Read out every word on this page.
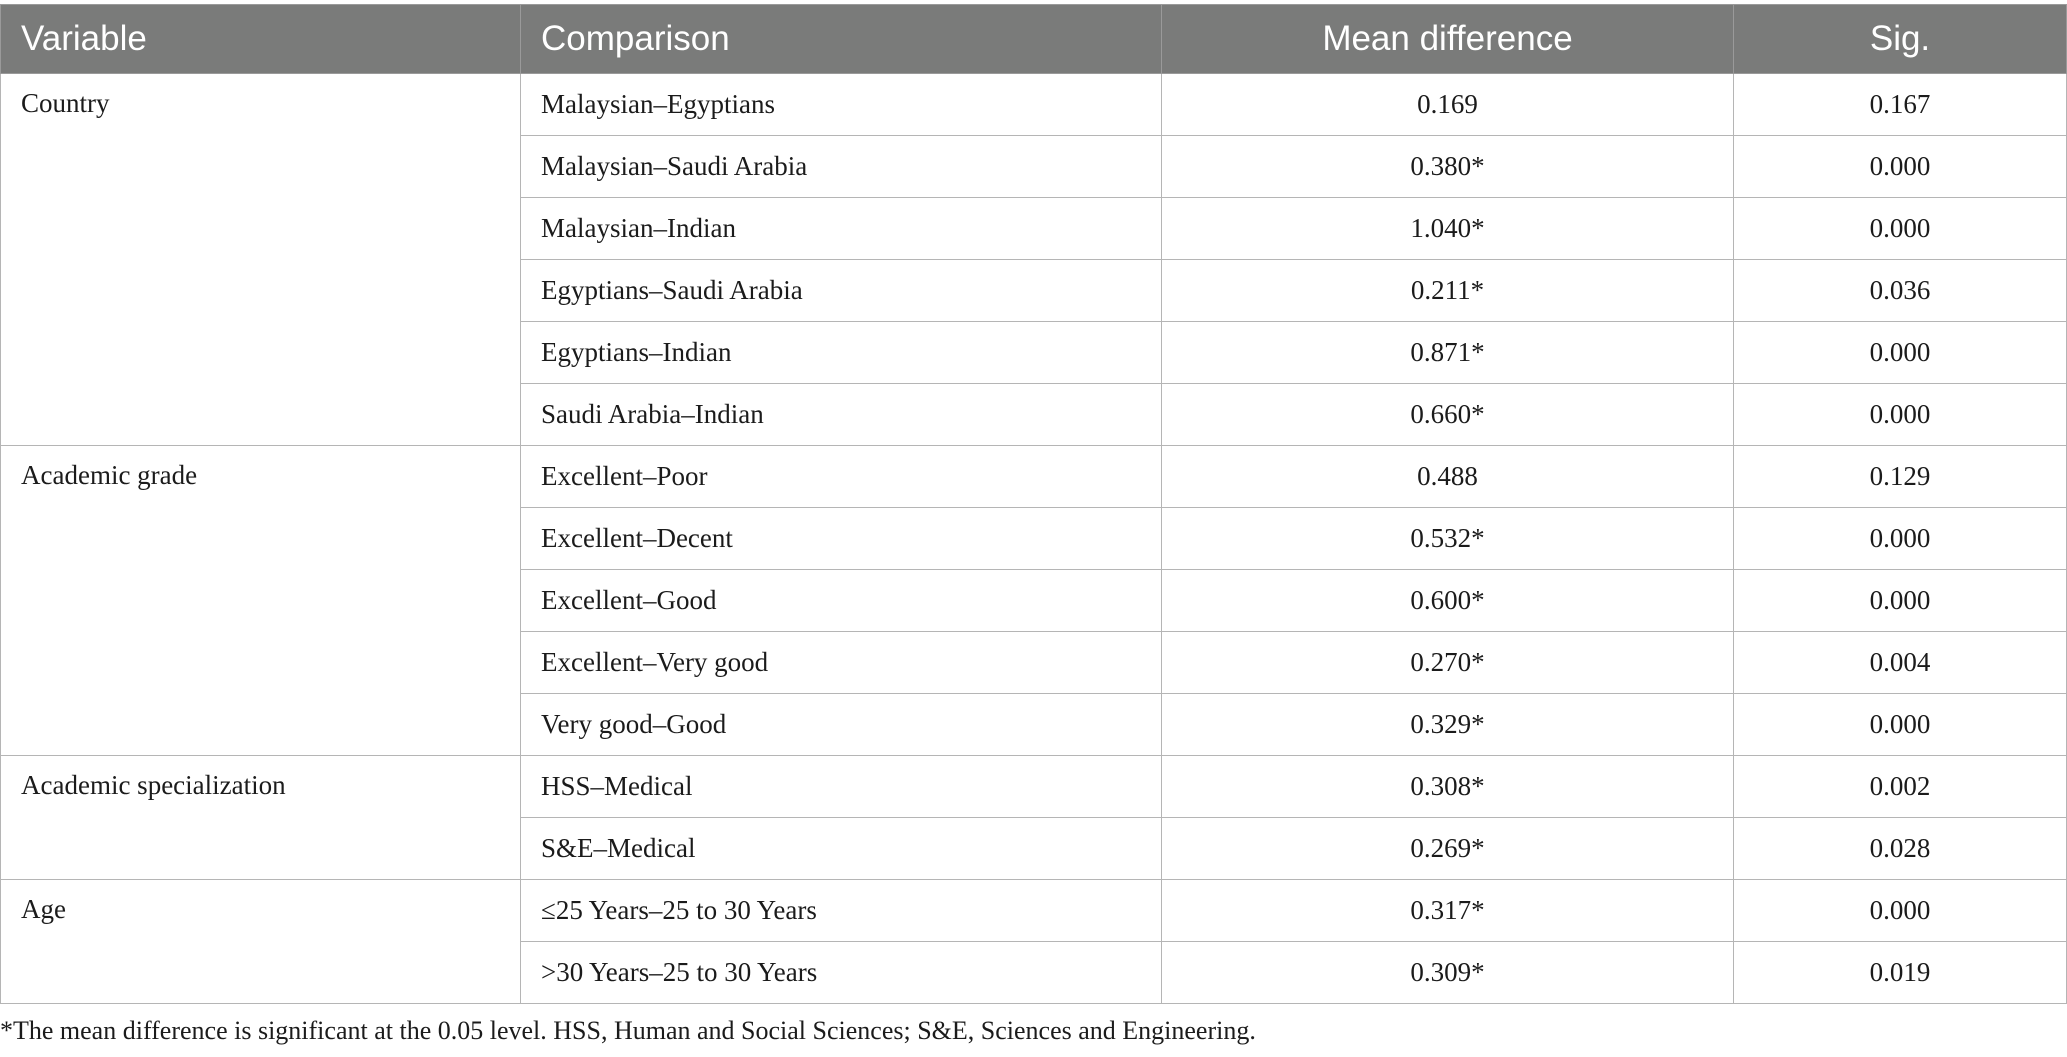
Variable	Comparison	Mean difference	Sig.
Country	Malaysian–Egyptians	0.169	0.167
	Malaysian–Saudi Arabia	0.380*	0.000
	Malaysian–Indian	1.040*	0.000
	Egyptians–Saudi Arabia	0.211*	0.036
	Egyptians–Indian	0.871*	0.000
	Saudi Arabia–Indian	0.660*	0.000
Academic grade	Excellent–Poor	0.488	0.129
	Excellent–Decent	0.532*	0.000
	Excellent–Good	0.600*	0.000
	Excellent–Very good	0.270*	0.004
	Very good–Good	0.329*	0.000
Academic specialization	HSS–Medical	0.308*	0.002
	S&E–Medical	0.269*	0.028
Age	≤25 Years–25 to 30 Years	0.317*	0.000
	>30 Years–25 to 30 Years	0.309*	0.019
*The mean difference is significant at the 0.05 level. HSS, Human and Social Sciences; S&E, Sciences and Engineering.
